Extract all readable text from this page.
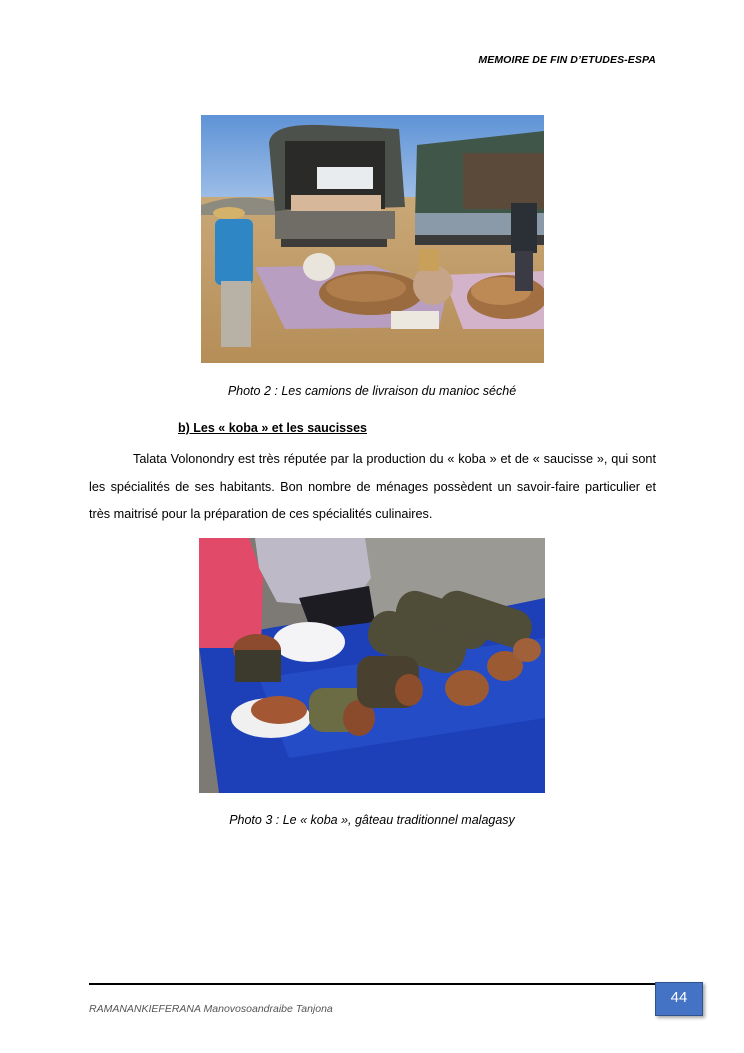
MEMOIRE DE FIN D’ETUDES-ESPA
Photo 2 : Les camions de livraison du manioc séché
b) Les « koba » et les saucisses

Talata Volonondry est très réputée par la production du « koba » et de « saucisse », qui sont les spécialités de ses habitants. Bon nombre de ménages possèdent un savoir-faire particulier et très maitrisé pour la préparation de ces spécialités culinaires.

Photo 3 : Le « koba », gâteau traditionnel malagasy
RAMANANKIEFERANA Manovosoandraibe Tanjona
44
